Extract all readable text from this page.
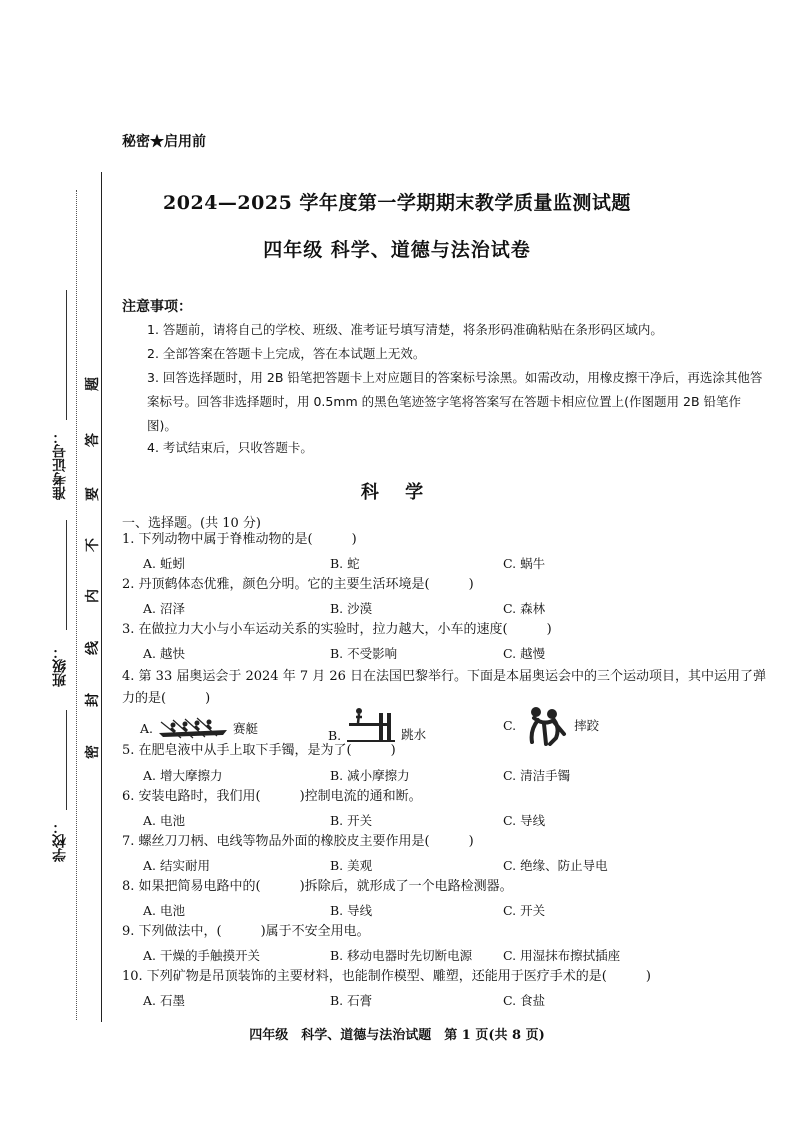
准考证号：
班级：
学校：
题
答
要
不
内
线
封
密
秘密★启用前
2024—2025 学年度第一学期期末教学质量监测试题
四年级 科学、道德与法治试卷
注意事项：
1. 答题前，请将自己的学校、班级、准考证号填写清楚，将条形码准确粘贴在条形码区域内。
2. 全部答案在答题卡上完成，答在本试题上无效。
3. 回答选择题时，用 2B 铅笔把答题卡上对应题目的答案标号涂黑。如需改动，用橡皮擦干净后，再选涂其他答案标号。回答非选择题时，用 0.5mm 的黑色笔迹签字笔将答案写在答题卡相应位置上(作图题用 2B 铅笔作图)。
4. 考试结束后，只收答题卡。
科 学
一、选择题。(共 10 分)
1. 下列动物中属于脊椎动物的是(　　　)
A. 蚯蚓	B. 蛇	C. 蜗牛
2. 丹顶鹤体态优雅，颜色分明。它的主要生活环境是(　　　)
A. 沼泽	B. 沙漠	C. 森林
3. 在做拉力大小与小车运动关系的实验时，拉力越大，小车的速度(　　　)
A. 越快	B. 不受影响	C. 越慢
4. 第 33 届奥运会于 2024 年 7 月 26 日在法国巴黎举行。下面是本届奥运会中的三个运动项目，其中运用了弹力的是(　　　)
A.	赛艇	B.	跳水
C.	摔跤
5. 在肥皂液中从手上取下手镯，是为了(　　　)
A. 增大摩擦力	B. 减小摩擦力	C. 清洁手镯
6. 安装电路时，我们用(　　　)控制电流的通和断。
A. 电池	B. 开关	C. 导线
7. 螺丝刀刀柄、电线等物品外面的橡胶皮主要作用是(　　　)
A. 结实耐用	B. 美观	C. 绝缘、防止导电
8. 如果把简易电路中的(　　　)拆除后，就形成了一个电路检测器。
A. 电池	B. 导线	C. 开关
9. 下列做法中，(　　　)属于不安全用电。
A. 干燥的手触摸开关	B. 移动电器时先切断电源 C. 用湿抹布擦拭插座
10. 下列矿物是吊顶装饰的主要材料，也能制作模型、雕塑，还能用于医疗手术的是(　　　)
A. 石墨	B. 石膏	C. 食盐
四年级　科学、道德与法治试题　第 1 页(共 8 页)
